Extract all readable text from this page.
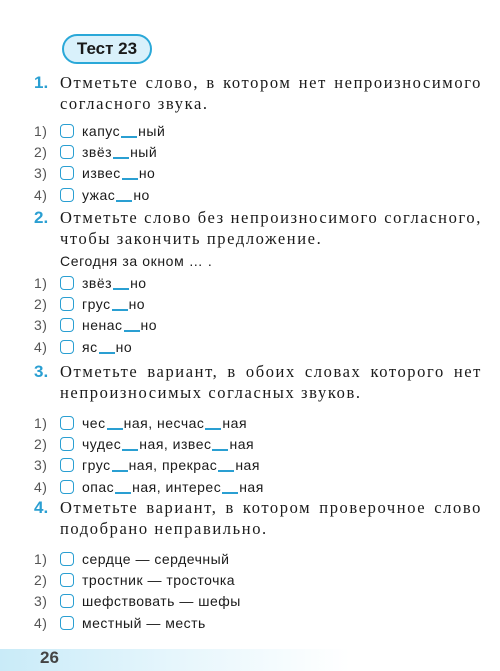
Тест 23
1. Отметьте слово, в котором нет непроизносимого согласного звука.
1)	капус ный
2)	звёз ный
3)	извес но
4)	ужас но
2. Отметьте слово без непроизносимого согласного, чтобы закончить предложение.
Сегодня за окном … .
1)	звёз но
2)	грус но
3)	ненас но
4)	яс но
3. Отметьте вариант, в обоих словах которого нет непроизносимых согласных звуков.
1)	чес ная, несчас ная
2)	чудес ная, извес ная
3)	грус ная, прекрас ная
4)	опас ная, интерес ная
4. Отметьте вариант, в котором проверочное слово подобрано неправильно.
1)	сердце — сердечный
2)	тростник — тросточка
3)	шефствовать — шефы
4)	местный — месть
26
